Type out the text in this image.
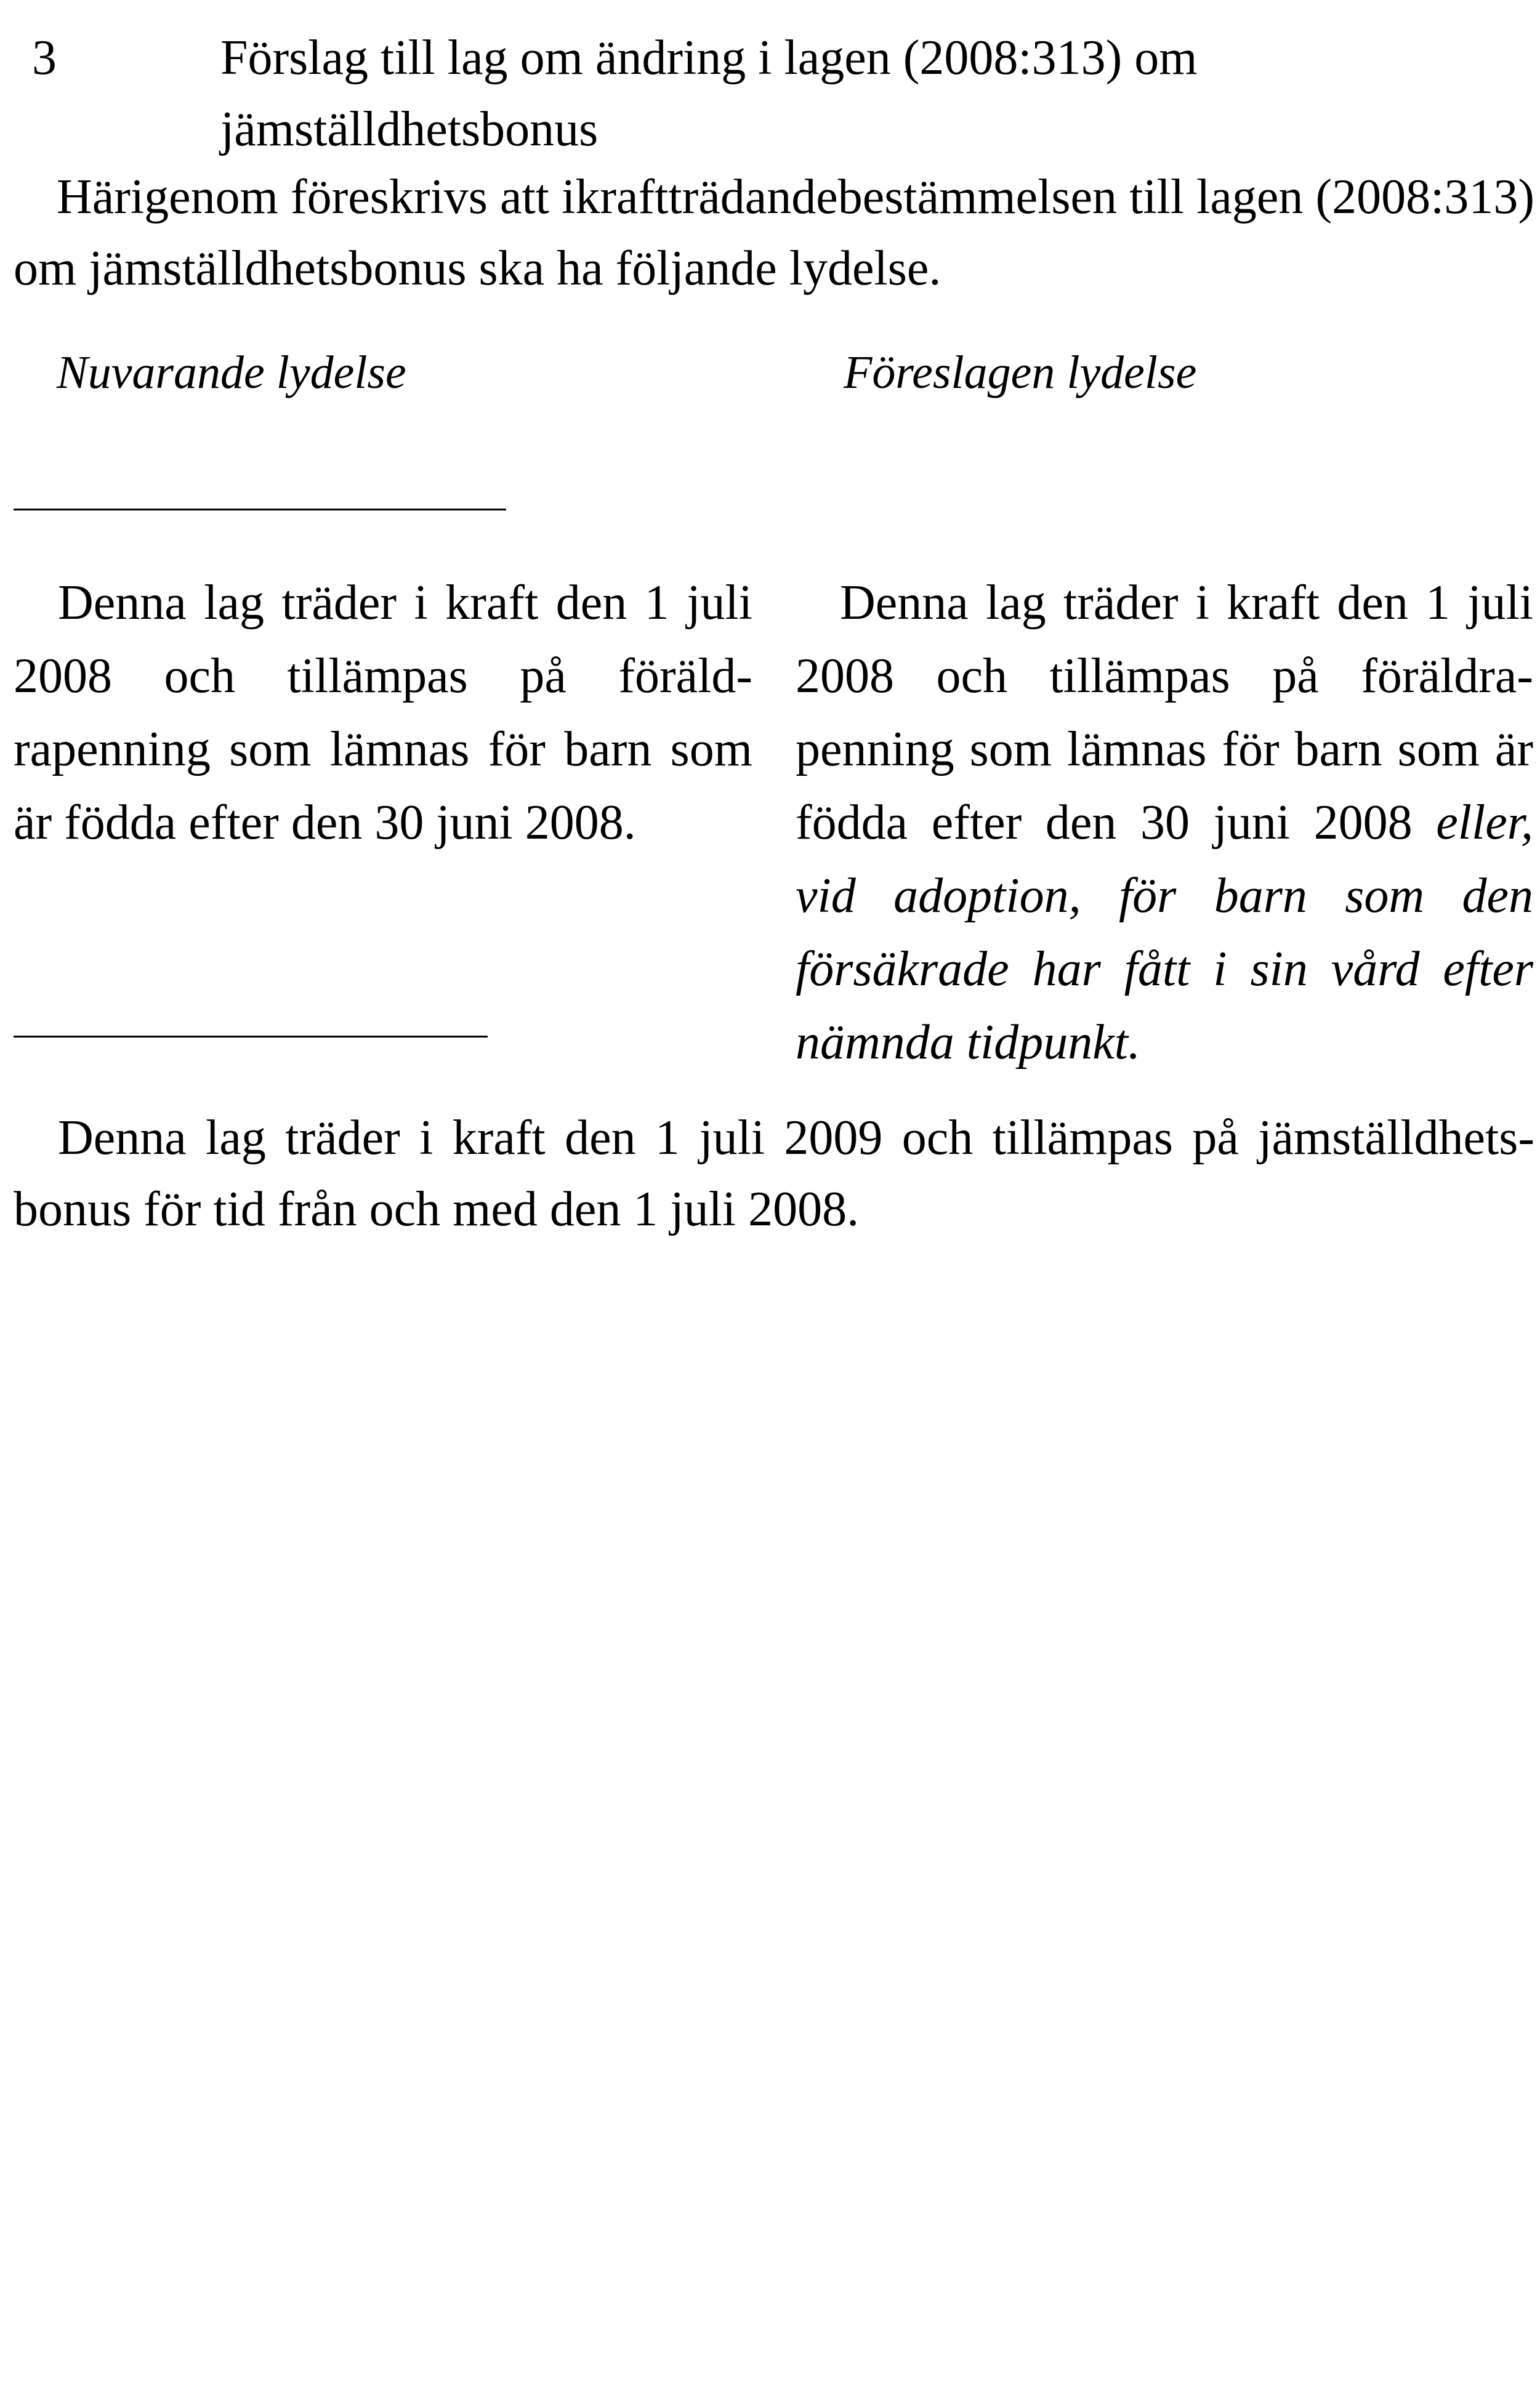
3	Förslag till lag om ändring i lagen (2008:313) om jämställdhetsbonus

Härigenom föreskrivs att ikraftträdandebestämmelsen till lagen (2008:313) om jämställdhetsbonus ska ha följande lydelse.

Nuvarande lydelse	Föreslagen lydelse

Denna lag träder i kraft den 1 juli 2008 och tillämpas på föräldrapenning som lämnas för barn som är födda efter den 30 juni 2008.

Denna lag träder i kraft den 1 juli 2008 och tillämpas på föräldrapenning som lämnas för barn som är födda efter den 30 juni 2008 eller, vid adoption, för barn som den försäkrade har fått i sin vård efter nämnda tidpunkt.

Denna lag träder i kraft den 1 juli 2009 och tillämpas på jämställdhetsbonus för tid från och med den 1 juli 2008.
